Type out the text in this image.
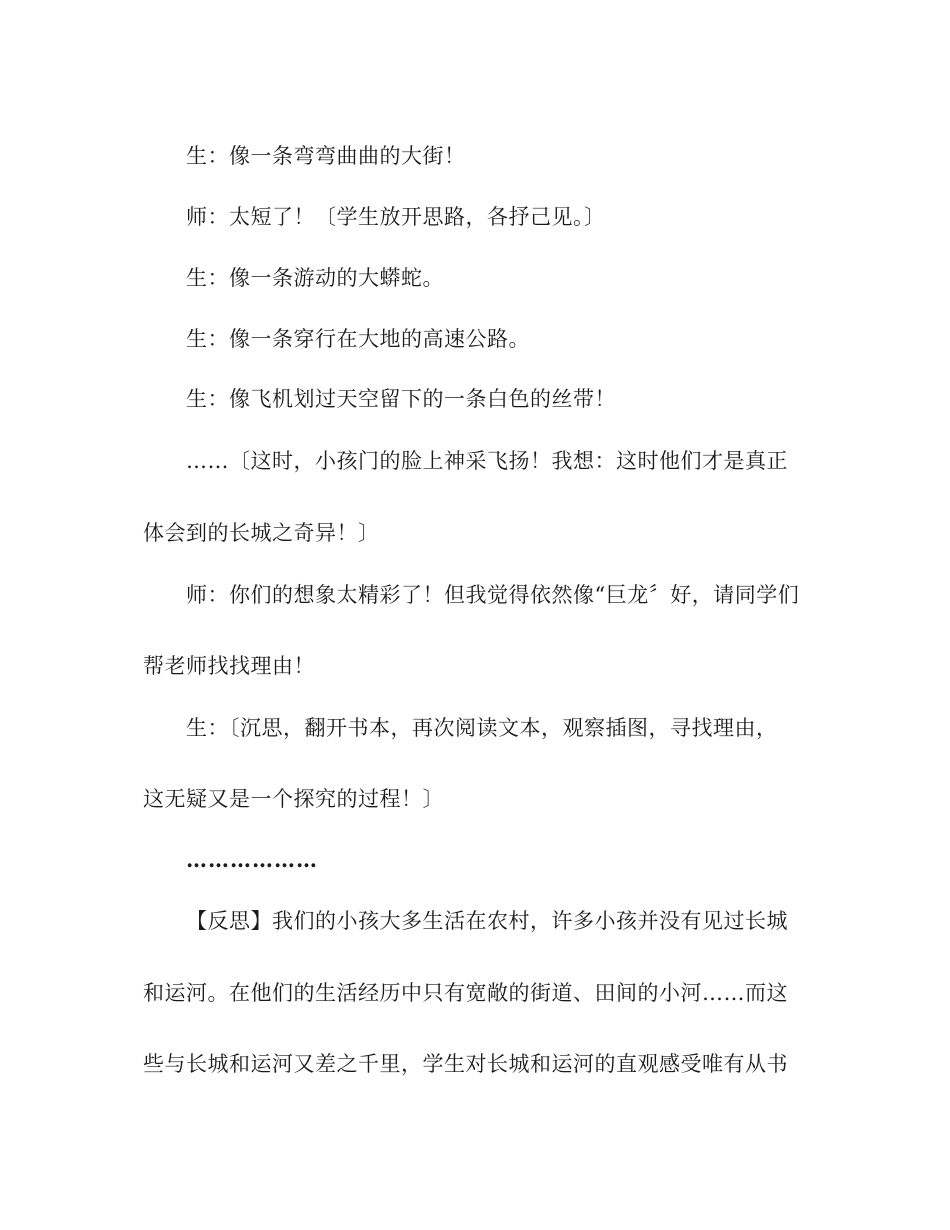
生：像一条弯弯曲曲的大街！
师：太短了！〔学生放开思路，各抒己见。〕
生：像一条游动的大蟒蛇。
生：像一条穿行在大地的高速公路。
生：像飞机划过天空留下的一条白色的丝带！
……〔这时，小孩门的脸上神采飞扬！我想：这时他们才是真正
体会到的长城之奇异！〕
师：你们的想象太精彩了！但我觉得依然像“巨龙〞好，请同学们
帮老师找找理由！
生：〔沉思，翻开书本，再次阅读文本，观察插图，寻找理由，
这无疑又是一个探究的过程！〕
………………
【反思】我们的小孩大多生活在农村，许多小孩并没有见过长城
和运河。在他们的生活经历中只有宽敞的街道、田间的小河……而这
些与长城和运河又差之千里，学生对长城和运河的直观感受唯有从书
